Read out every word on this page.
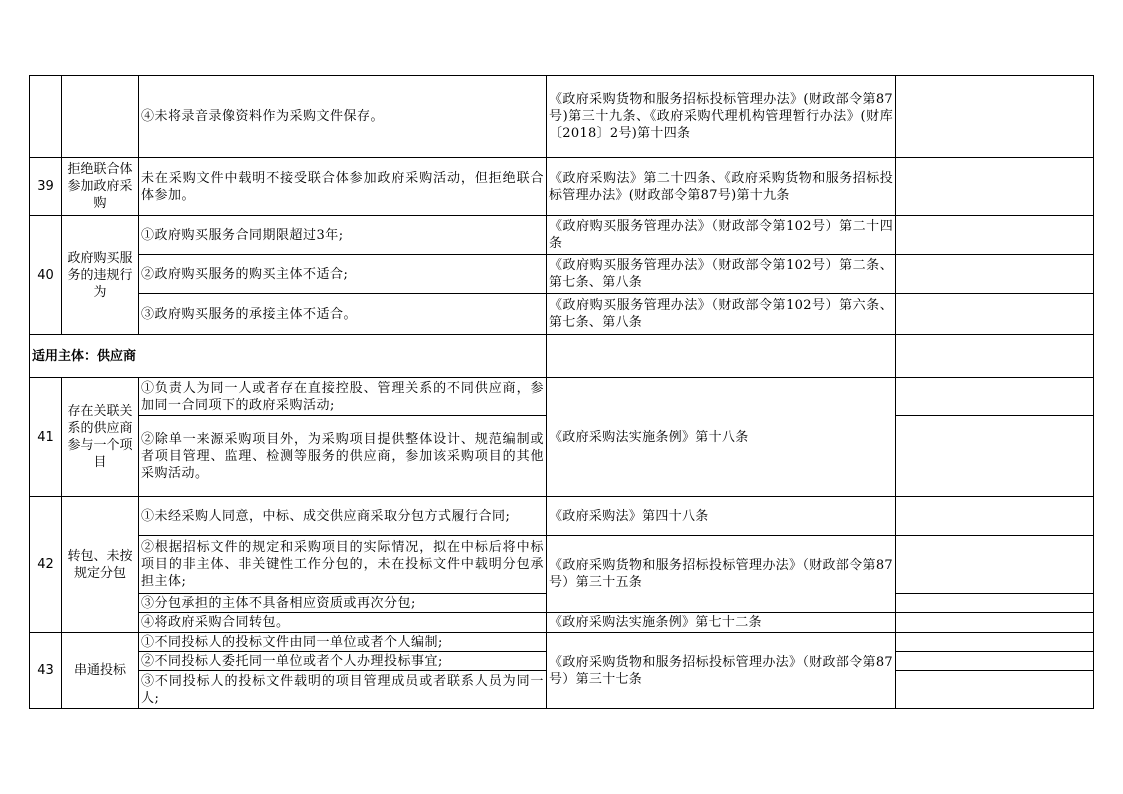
		④未将录音录像资料作为采购文件保存。	《政府采购货物和服务招标投标管理办法》(财政部令第87号)第三十九条、《政府采购代理机构管理暂行办法》(财库〔2018〕2号)第十四条	
39	拒绝联合体参加政府采购	未在采购文件中载明不接受联合体参加政府采购活动，但拒绝联合体参加。	《政府采购法》第二十四条、《政府采购货物和服务招标投标管理办法》(财政部令第87号)第十九条	
40	政府购买服务的违规行为	①政府购买服务合同期限超过3年;	《政府购买服务管理办法》（财政部令第102号）第二十四条	
		②政府购买服务的购买主体不适合;	《政府购买服务管理办法》（财政部令第102号）第二条、第七条、第八条	
		③政府购买服务的承接主体不适合。	《政府购买服务管理办法》（财政部令第102号）第六条、第七条、第八条	
适用主体：供应商				
41	存在关联关系的供应商参与一个项目	①负责人为同一人或者存在直接控股、管理关系的不同供应商，参加同一合同项下的政府采购活动;	《政府采购法实施条例》第十八条	
		②除单一来源采购项目外，为采购项目提供整体设计、规范编制或者项目管理、监理、检测等服务的供应商，参加该采购项目的其他采购活动。		
42	转包、未按规定分包	①未经采购人同意，中标、成交供应商采取分包方式履行合同;	《政府采购法》第四十八条	
		②根据招标文件的规定和采购项目的实际情况，拟在中标后将中标项目的非主体、非关键性工作分包的，未在投标文件中载明分包承担主体;	《政府采购货物和服务招标投标管理办法》（财政部令第87号）第三十五条	
		③分包承担的主体不具备相应资质或再次分包;		
		④将政府采购合同转包。	《政府采购法实施条例》第七十二条	
43	串通投标	①不同投标人的投标文件由同一单位或者个人编制;	《政府采购货物和服务招标投标管理办法》（财政部令第87号）第三十七条	
		②不同投标人委托同一单位或者个人办理投标事宜;		
		③不同投标人的投标文件载明的项目管理成员或者联系人员为同一人;		
